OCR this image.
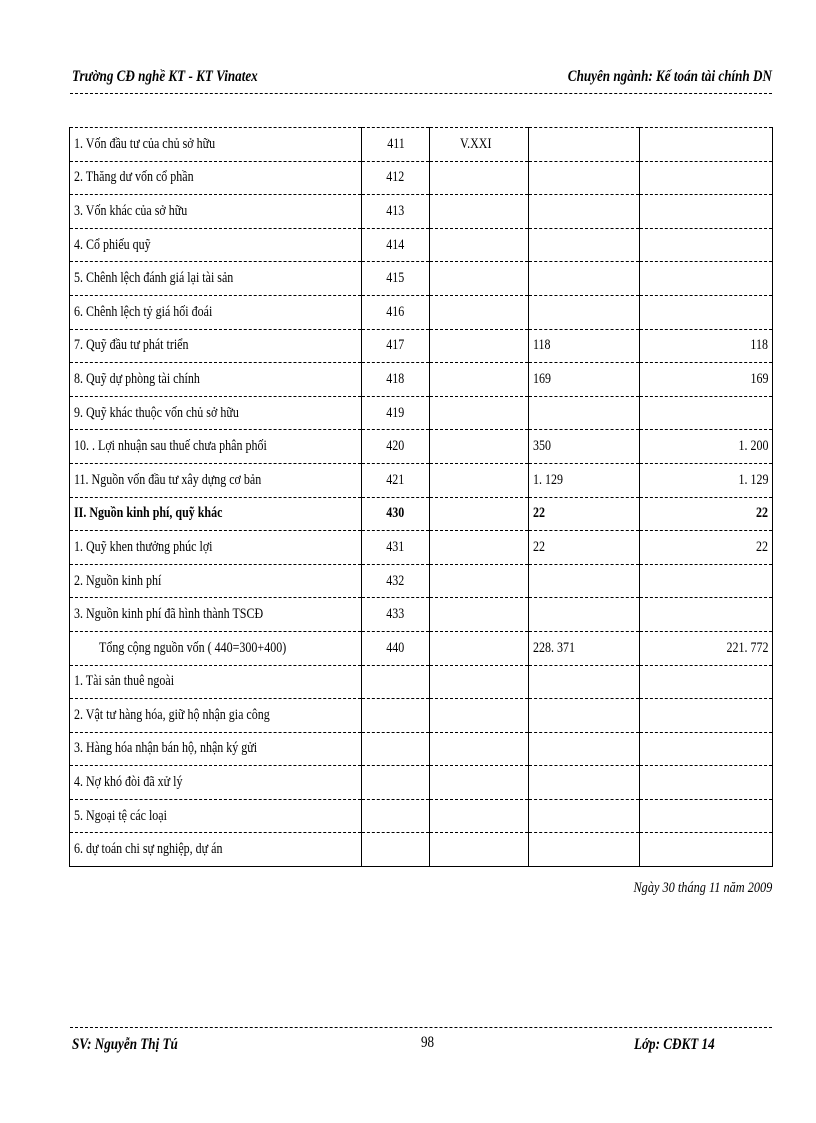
Trường CĐ nghề KT - KT Vinatex	Chuyên ngành: Kế toán tài chính DN
1. Vốn đầu tư của chủ sở hữu	411	V.XXI		
2. Thăng dư vốn cổ phần	412			
3. Vốn khác của sở hữu	413			
4. Cổ phiếu quỹ	414			
5. Chênh lệch đánh giá lại tài sản	415			
6. Chênh lệch tỷ giá hối đoái	416			
7. Quỹ đầu tư phát triển	417		118	118
8. Quỹ dự phòng tài chính	418		169	169
9. Quỹ khác thuộc vốn chủ sở hữu	419			
10. . Lợi nhuận sau thuế chưa phân phối	420		350	1. 200
11. Nguồn vốn đầu tư xây dựng cơ bản	421		1. 129	1. 129
II. Nguồn kinh phí, quỹ khác	430		22	22
1. Quỹ khen thưởng phúc lợi	431		22	22
2. Nguồn kinh phí	432			
3. Nguồn kinh phí đã hình thành TSCĐ	433			
Tổng cộng nguồn vốn ( 440=300+400)	440		228. 371	221. 772
1. Tài sản thuê ngoài				
2. Vật tư hàng hóa, giữ hộ nhận gia công				
3. Hàng hóa nhận bán hộ, nhận ký gửi				
4. Nợ khó đòi đã xử lý				
5. Ngoại tệ các loại				
6. dự toán chi sự nghiệp, dự án				
Ngày 30 tháng 11 năm 2009
SV: Nguyễn Thị Tú	98	Lớp: CĐKT 14
